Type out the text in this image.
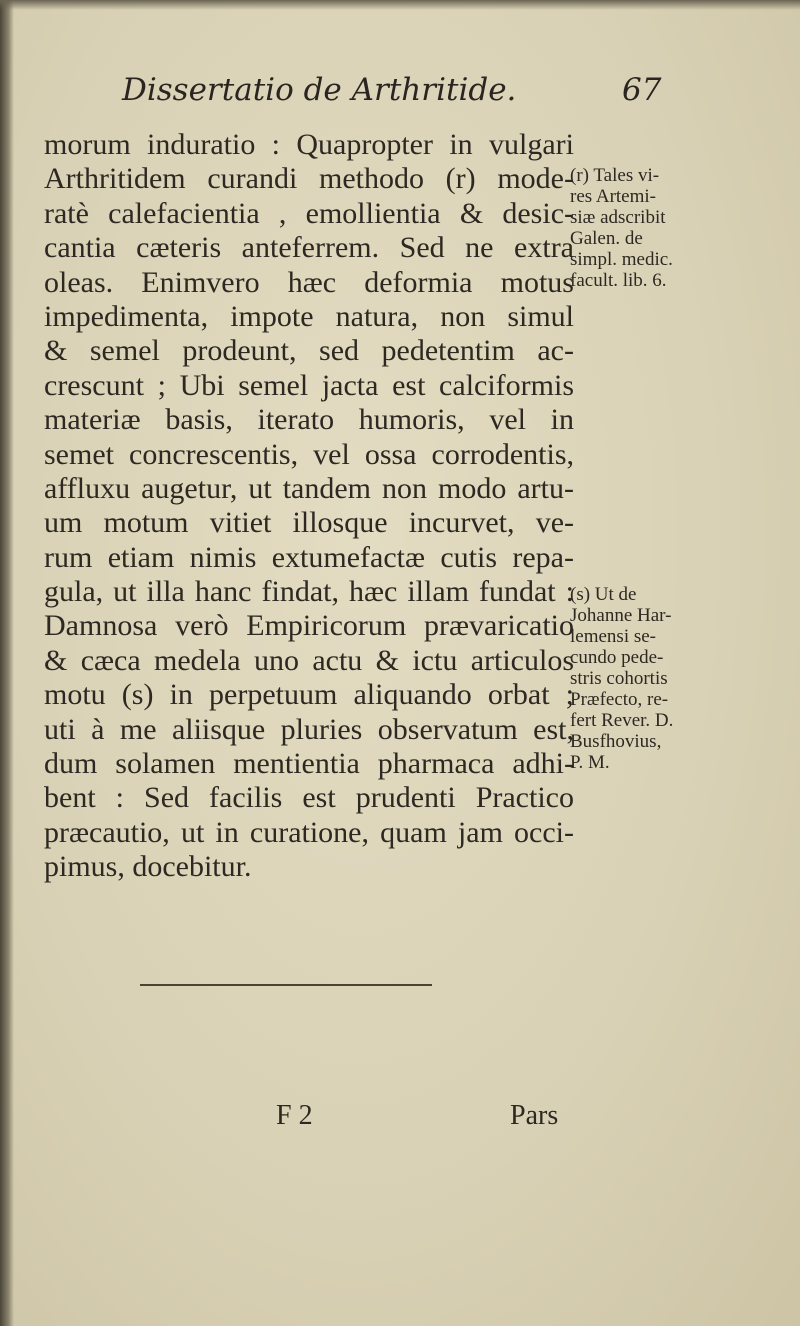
Dissertatio de Arthritide.	67
morum induratio : Quapropter in vulgari
Arthritidem curandi methodo (r) mode-
ratè calefacientia , emollientia & desic-
cantia cæteris anteferrem. Sed ne extra
oleas. Enimvero hæc deformia motus
impedimenta, impote natura, non simul
& semel prodeunt, sed pedetentim ac-
crescunt ; Ubi semel jacta est calciformis
materiæ basis, iterato humoris, vel in
semet concrescentis, vel ossa corrodentis,
affluxu augetur, ut tandem non modo artu-
um motum vitiet illosque incurvet, ve-
rum etiam nimis extumefactæ cutis repa-
gula, ut illa hanc findat, hæc illam fundat :
Damnosa verò Empiricorum prævaricatio
& cæca medela uno actu & ictu articulos
motu (s) in perpetuum aliquando orbat ;
uti à me aliisque pluries observatum est,
dum solamen mentientia pharmaca adhi-
bent : Sed facilis est prudenti Practico
præcautio, ut in curatione, quam jam occi-
pimus, docebitur.
(r) Tales vi-
res Artemi-
siæ adscribit
Galen. de
simpl. medic.
facult. lib. 6.
(s) Ut de
Johanne Har-
lemensi se-
cundo pede-
stris cohortis
Præfecto, re-
fert Rever. D.
Busfhovius,
P. M.
F 2	Pars
